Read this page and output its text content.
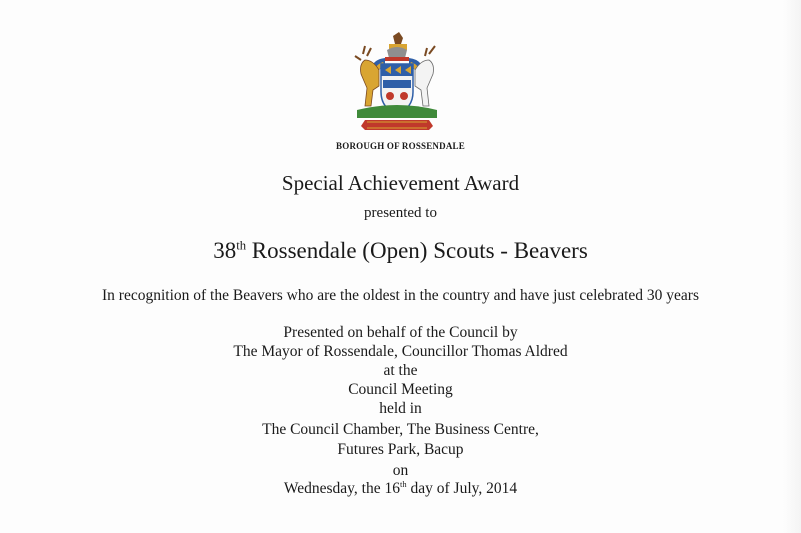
BOROUGH OF ROSSENDALE
Special Achievement Award
presented to
38th Rossendale (Open) Scouts - Beavers
In recognition of the Beavers who are the oldest in the country and have just celebrated 30 years
Presented on behalf of the Council by
The Mayor of Rossendale, Councillor Thomas Aldred
at the
Council Meeting
held in
The Council Chamber, The Business Centre,
Futures Park, Bacup
on
Wednesday, the 16th day of July, 2014
